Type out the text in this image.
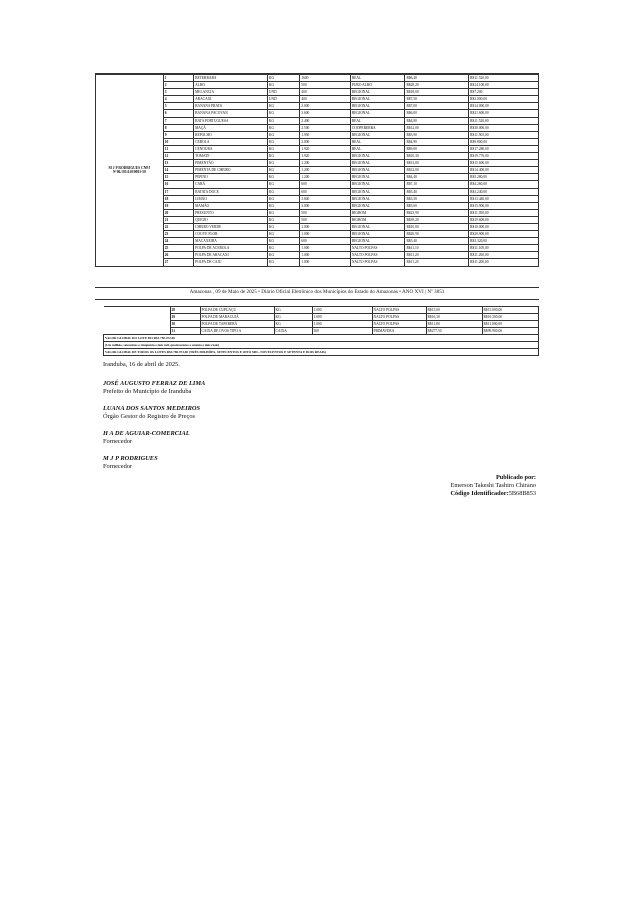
M J P RODRIGUES CNPJ Nº06.105.610/0001-50	1	BETERRABA	KG	1600	REAL	R$6,40	R$11.520,00
	2	ALHO	KG	500	PURO ALHO	R$28,20	R$14.100,00
	3	MELANCIA	UND	400	REGIONAL	R$18,00	R$7.200
	4	ABACAXI	UND	400	REGIONAL	R$7,50	R$3.000,00
	5	BANANA PRATA	KG	2.000	REGIONAL	R$7,00	R$14.000,00
	6	BANANA PACOVAN	KG	3.600	REGIONAL	R$6,00	R$21.600,00
	7	BATA PORTUGUESA	KG	2.400	REAL	R$4,80	R$11.520,00
	8	MAÇÃ	KG	2.500	COOPERERRA	R$12,00	R$30.000,00
	9	REPOLHO	KG	1.950	REGIONAL	R$5,90	R$11.505,00
	10	CEBOLA	KG	2.000	REAL	R$4,90	R$9.800,00
	11	CENOURA	KG	1.920	REAL	R$9,00	R$17.280,00
	12	TOMATE	KG	1.920	REGIONAL	R$10,30	R$19.776,00
	13	PIMENTÃO	KG	1.200	REGIONAL	R$13,00	R$15.600,00
	14	PIMENTA DE CHEIRO	KG	1.200	REGIONAL	R$12,00	R$14.400,00
	15	PEPINO	KG	1.200	REGIONAL	R$4,40	R$5.280,00
	16	CARÁ	KG	600	REGIONAL	R$7,10	R$4.260,00
	17	BATATA DOCE	KG	600	REGIONAL	R$5,40	R$3.240,00
	18	LIMÃO	KG	3.840	REGIONAL	R$3,50	R$13.440,00
	19	MAMÃO	KG	3.000	REGIONAL	R$5,00	R$15.900,00
	20	PRESUNTO	KG	500	BIGBOM	R$23,90	R$11.950,00
	21	QUEIJO	KG	500	BIGBOM	R$39,20	R$19.600,00
	22	CHEIRO VERDE	KG	1.000	REGIONAL	R$10,00	R$10.000,00
	23	COUVE FLOR	KG	1.000	REGIONAL	R$20,90	R$20.900,00
	24	MACAXEIRA	KG	600	REGIONAL	R$5,40	R$3.320,00
	25	POLPA DE ACEROLA	KG	1.000	NALTO POLPAS	R$11,10	R$11.100,00
	26	POLPA DE ABACAXI	KG	1.000	NALTO POLPAS	R$11,20	R$11.200,00
	27	POLPA DE CAJU	KG	1.000	NALTO POLPAS	R$11,20	R$11.200,00
Amazonas , 09 de Maio de 2025 • Diário Oficial Eletrônico dos Municípios do Estado do Amazonas • ANO XVI | Nº 3851
	28	POLPA DE CUPUAÇU	KG	1.000	NALTO POLPAS	R$15,00	R$15.000,00
	29	POLPA DE MARACUJÁ	KG	1.000	NALTO POLPAS	R$16,30	R$16.300,00
	30	POLPA DE TAPEREBÁ	KG	1.000	NALTO POLPAS	R$11,80	R$11.800,00
	31	CAIXA DE OVOS TIPO A	CAIXA	360	PRIMAVERA	R$277,50	R$99.900,00
VALOR GLOBAL DO LOTE 003 R$1.750.472,00							
(Um milhão, setecentos e cinquenta e dois mil, quatrocentos e setenta e dois reais)							
VALOR GLOBAL DE TODOS OS LOTES R$3.780.972,00 (TRÊS MILHÕES, SETECENTOS E OITO MIL, NOVECENTOS E SETENTA E DOIS REAIS)							
Iranduba, 16 de abril de 2025.
JOSÉ AUGUSTO FERRAZ DE LIMA
Prefeito do Município de Iranduba
LUANA DOS SANTOS MEDEIROS
Órgão Gestor do Registro de Preços
H A DE AGUIAR-COMERCIAL
Fornecedor
M J P RODRIGUES
Fornecedor
Publicado por:
Emerson Takeshi Tashiro Chirano
Código Identificador:5B68B853
